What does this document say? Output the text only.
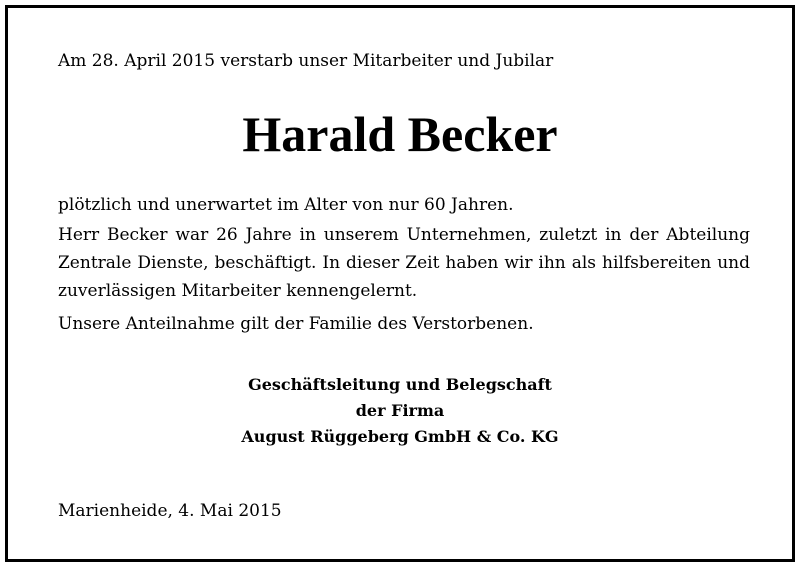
Am 28. April 2015 verstarb unser Mitarbeiter und Jubilar
Harald Becker

plötzlich und unerwartet im Alter von nur 60 Jahren.

Herr Becker war 26 Jahre in unserem Unternehmen, zuletzt in der Abteilung Zentrale Dienste, beschäftigt. In dieser Zeit haben wir ihn als hilfsbereiten und zuverlässigen Mitarbeiter kennengelernt.

Unsere Anteilnahme gilt der Familie des Verstorbenen.

Geschäftsleitung und Belegschaft
der Firma
August Rüggeberg GmbH & Co. KG
Marienheide, 4. Mai 2015
